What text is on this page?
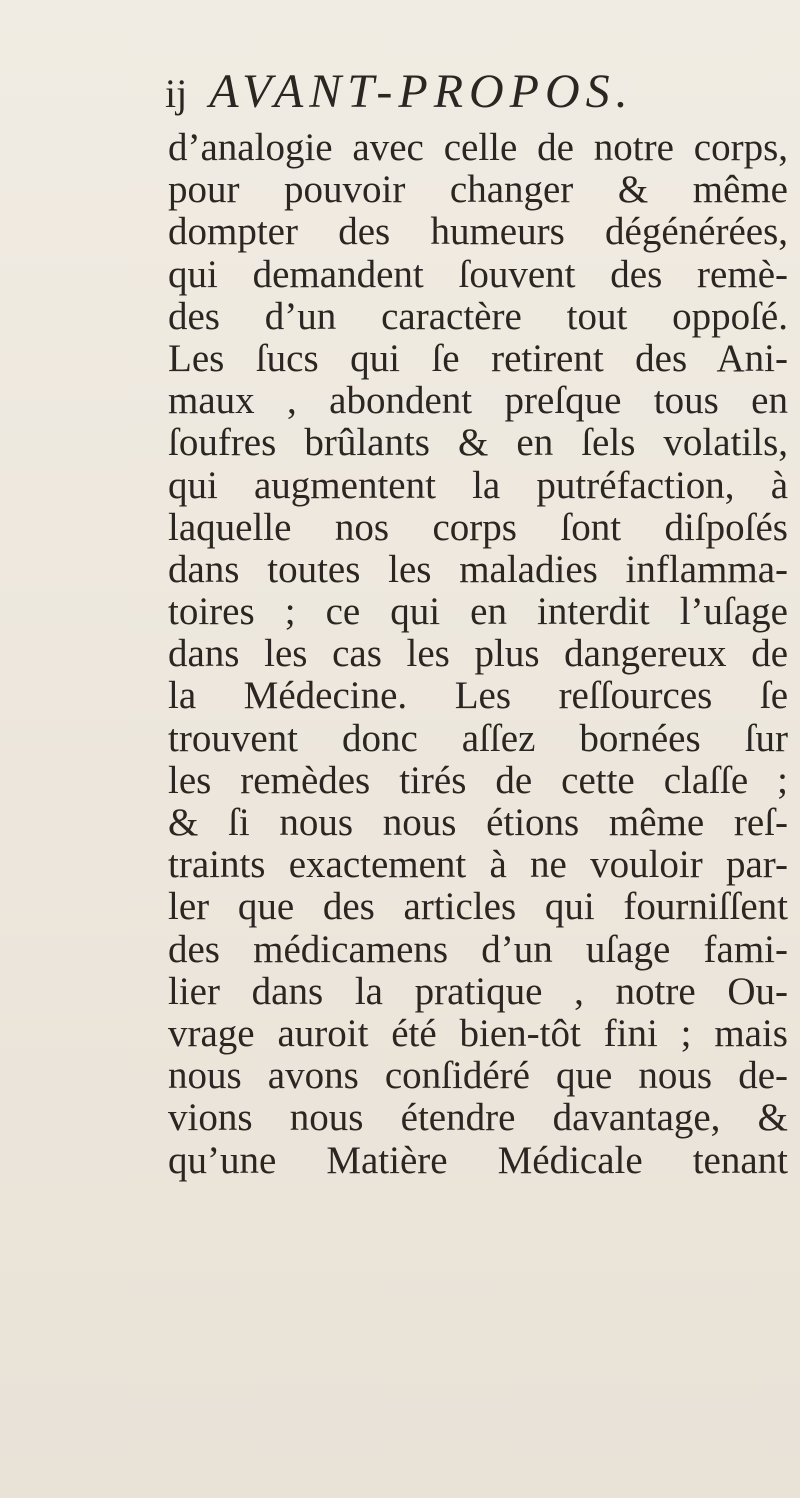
ij AVANT-PROPOS.
d’analogie avec celle de notre corps,
pour pouvoir changer & même
dompter des humeurs dégénérées,
qui demandent ſouvent des remè-
des d’un caractère tout oppoſé.
Les ſucs qui ſe retirent des Ani-
maux , abondent preſque tous en
ſoufres brûlants & en ſels volatils,
qui augmentent la putréfaction, à
laquelle nos corps ſont diſpoſés
dans toutes les maladies inflamma-
toires ; ce qui en interdit l’uſage
dans les cas les plus dangereux de
la Médecine. Les reſſources ſe
trouvent donc aſſez bornées ſur
les remèdes tirés de cette claſſe ;
& ſi nous nous étions même reſ-
traints exactement à ne vouloir par-
ler que des articles qui fourniſſent
des médicamens d’un uſage fami-
lier dans la pratique , notre Ou-
vrage auroit été bien-tôt fini ; mais
nous avons conſidéré que nous de-
vions nous étendre davantage, &
qu’une Matière Médicale tenant
